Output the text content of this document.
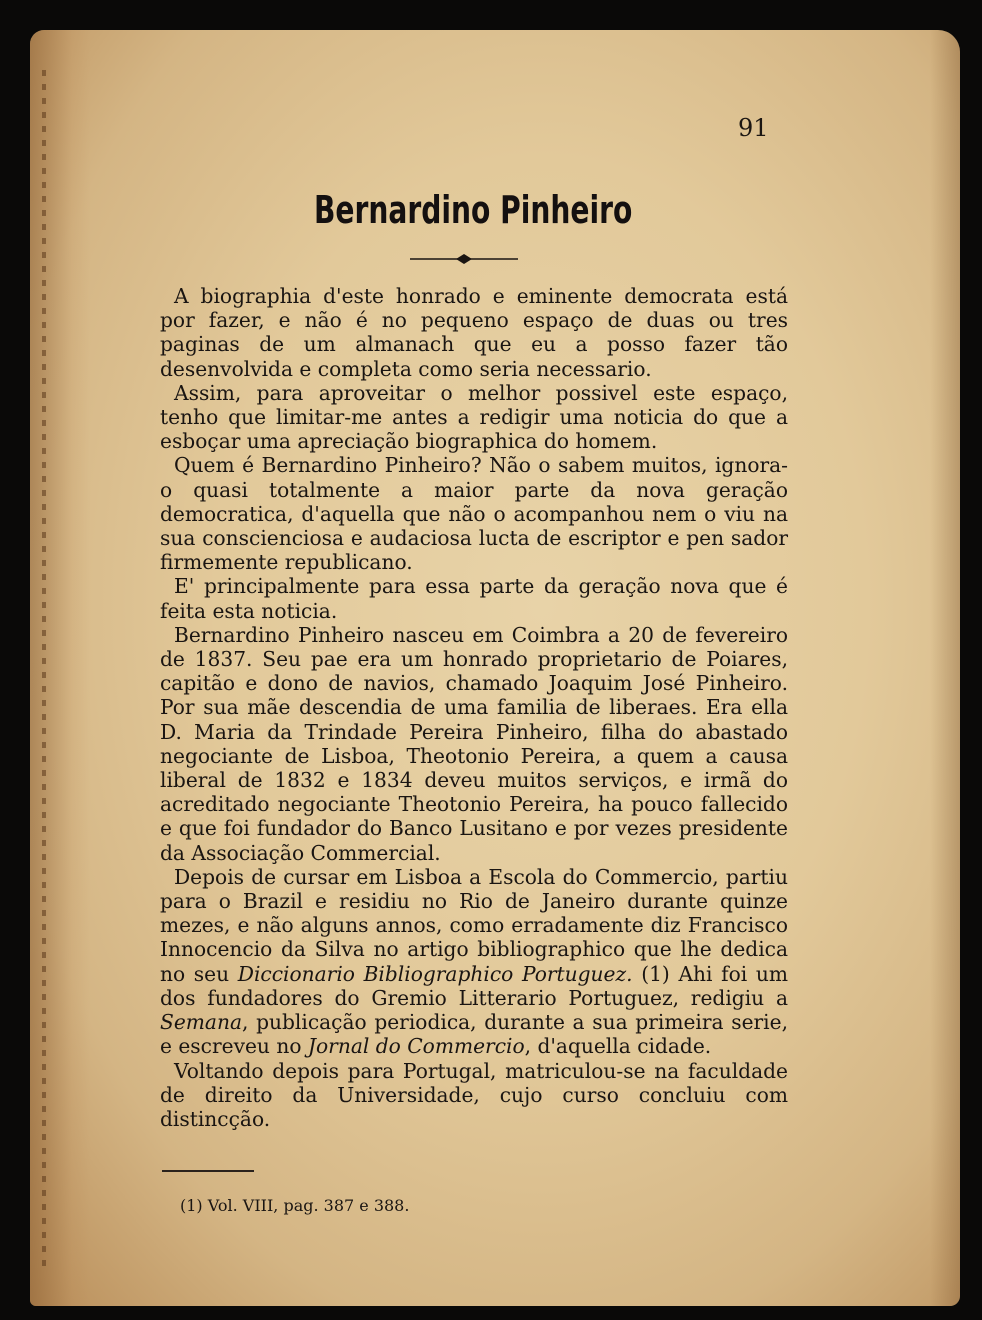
91
Bernardino Pinheiro

A biographia d'este honrado e eminente democrata está por fazer, e não é no pequeno espaço de duas ou tres paginas de um almanach que eu a posso fazer tão desenvolvida e completa como seria necessario.

Assim, para aproveitar o melhor possivel este espaço, tenho que limitar-me antes a redigir uma noticia do que a esboçar uma apreciação biographica do homem.

Quem é Bernardino Pinheiro? Não o sabem muitos, ignora-o quasi totalmente a maior parte da nova geração democratica, d'aquella que não o acompanhou nem o viu na sua conscienciosa e audaciosa lucta de escriptor e pen sador firmemente republicano.

E' principalmente para essa parte da geração nova que é feita esta noticia.

Bernardino Pinheiro nasceu em Coimbra a 20 de fevereiro de 1837. Seu pae era um honrado proprietario de Poiares, capitão e dono de navios, chamado Joaquim José Pinheiro. Por sua mãe descendia de uma familia de liberaes. Era ella D. Maria da Trindade Pereira Pinheiro, filha do abastado negociante de Lisboa, Theotonio Pereira, a quem a causa liberal de 1832 e 1834 deveu muitos serviços, e irmã do acreditado negociante Theotonio Pereira, ha pouco fallecido e que foi fundador do Banco Lusitano e por vezes presidente da Associação Commercial.

Depois de cursar em Lisboa a Escola do Commercio, partiu para o Brazil e residiu no Rio de Janeiro durante quinze mezes, e não alguns annos, como erradamente diz Francisco Innocencio da Silva no artigo bibliographico que lhe dedica no seu Diccionario Bibliographico Portuguez. (1) Ahi foi um dos fundadores do Gremio Litterario Portuguez, redigiu a Semana, publicação periodica, durante a sua primeira serie, e escreveu no Jornal do Commercio, d'aquella cidade.

Voltando depois para Portugal, matriculou-se na faculdade de direito da Universidade, cujo curso concluiu com distincção.

(1) Vol. VIII, pag. 387 e 388.
